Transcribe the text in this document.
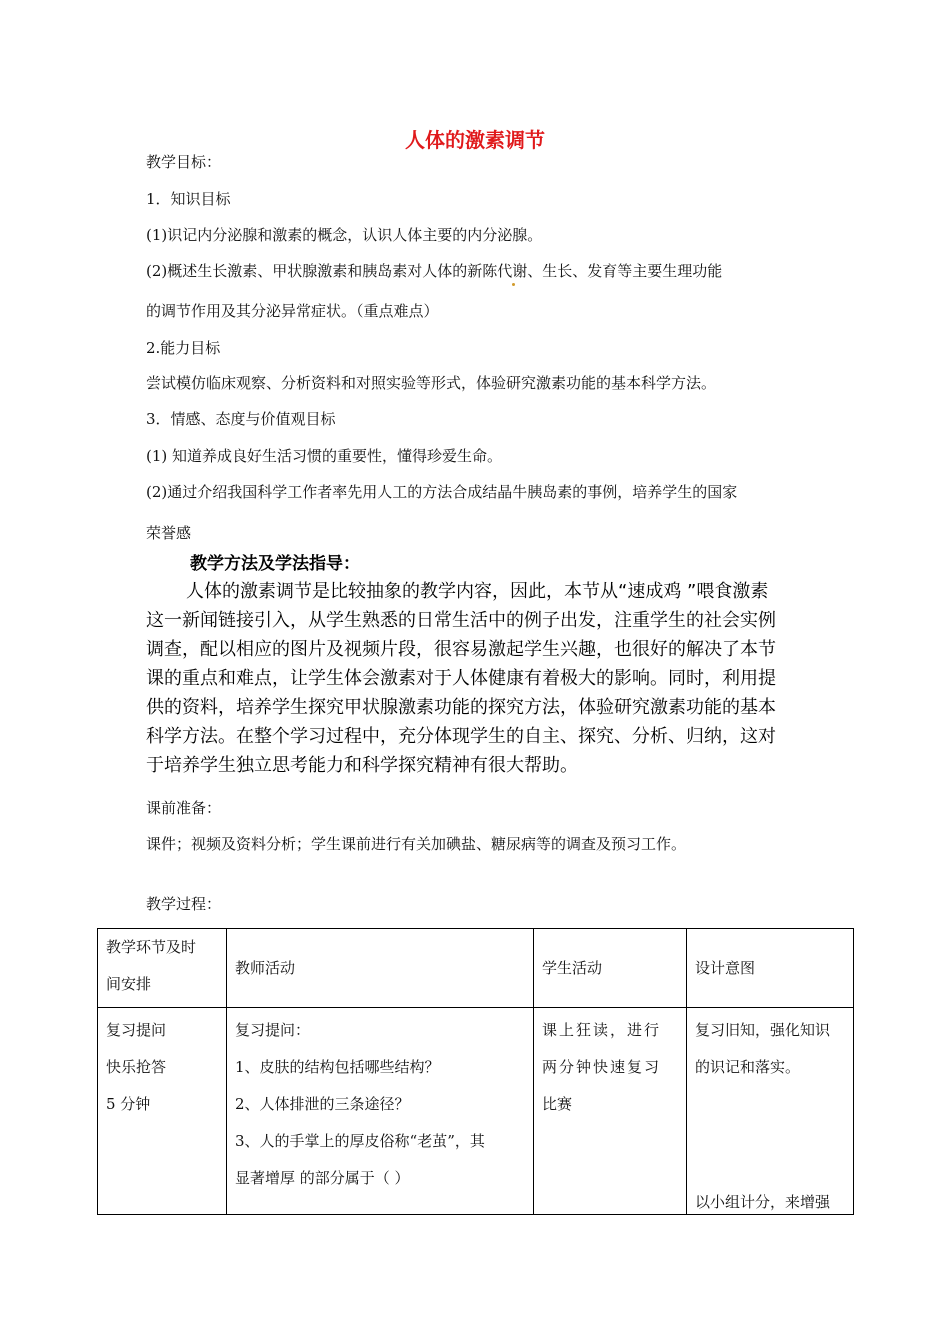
人体的激素调节
教学目标：
1．知识目标
(1)识记内分泌腺和激素的概念，认识人体主要的内分泌腺。
(2)概述生长激素、甲状腺激素和胰岛素对人体的新陈代谢、生长、发育等主要生理功能
的调节作用及其分泌异常症状。（重点难点）
2.能力目标
尝试模仿临床观察、分析资料和对照实验等形式，体验研究激素功能的基本科学方法。
3．情感、态度与价值观目标
(1) 知道养成良好生活习惯的重要性，懂得珍爱生命。
(2)通过介绍我国科学工作者率先用人工的方法合成结晶牛胰岛素的事例，培养学生的国家
荣誉感
教学方法及学法指导：
人体的激素调节是比较抽象的教学内容，因此，本节从“速成鸡 ”喂食激素
这一新闻链接引入，从学生熟悉的日常生活中的例子出发，注重学生的社会实例
调查，配以相应的图片及视频片段，很容易激起学生兴趣，也很好的解决了本节
课的重点和难点，让学生体会激素对于人体健康有着极大的影响。同时，利用提
供的资料，培养学生探究甲状腺激素功能的探究方法，体验研究激素功能的基本
科学方法。在整个学习过程中，充分体现学生的自主、探究、分析、归纳，这对
于培养学生独立思考能力和科学探究精神有很大帮助。
课前准备：
课件；视频及资料分析；学生课前进行有关加碘盐、糖尿病等的调查及预习工作。
教学过程：
教学环节及时
间安排	教师活动	学生活动	设计意图

复习提问
快乐抢答
5 分钟	复习提问：
1、皮肤的结构包括哪些结构？
2、人体排泄的三条途径？
3、人的手掌上的厚皮俗称“老茧”，其
显著增厚 的部分属于（ ）	课上狂读，进行
两分钟快速复习
比赛	复习旧知，强化知识
的识记和落实。
以小组计分，来增强
